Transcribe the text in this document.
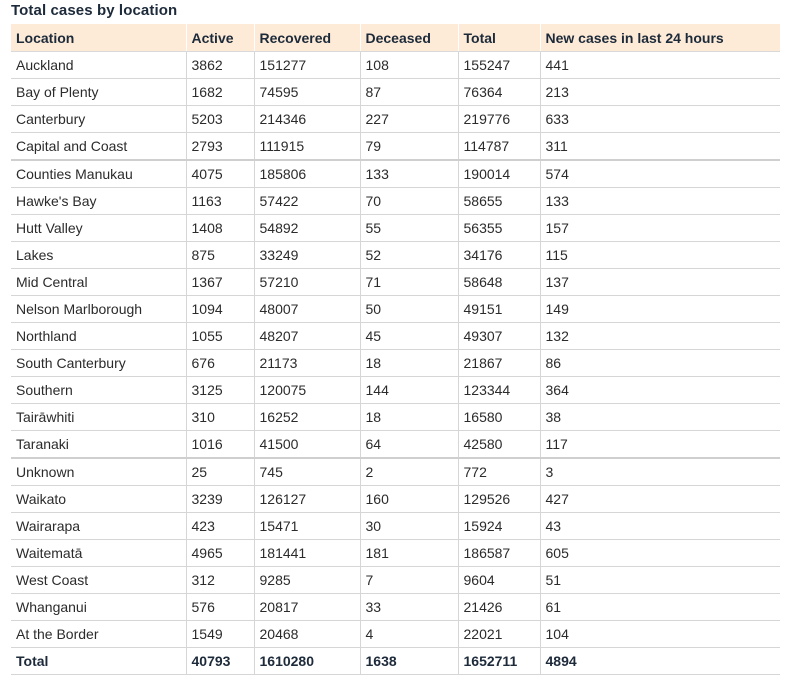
Total cases by location
Location	Active	Recovered	Deceased	Total	New cases in last 24 hours
Auckland	3862	151277	108	155247	441
Bay of Plenty	1682	74595	87	76364	213
Canterbury	5203	214346	227	219776	633
Capital and Coast	2793	111915	79	114787	311
Counties Manukau	4075	185806	133	190014	574
Hawke's Bay	1163	57422	70	58655	133
Hutt Valley	1408	54892	55	56355	157
Lakes	875	33249	52	34176	115
Mid Central	1367	57210	71	58648	137
Nelson Marlborough	1094	48007	50	49151	149
Northland	1055	48207	45	49307	132
South Canterbury	676	21173	18	21867	86
Southern	3125	120075	144	123344	364
Tairāwhiti	310	16252	18	16580	38
Taranaki	1016	41500	64	42580	117
Unknown	25	745	2	772	3
Waikato	3239	126127	160	129526	427
Wairarapa	423	15471	30	15924	43
Waitematā	4965	181441	181	186587	605
West Coast	312	9285	7	9604	51
Whanganui	576	20817	33	21426	61
At the Border	1549	20468	4	22021	104
Total	40793	1610280	1638	1652711	4894
